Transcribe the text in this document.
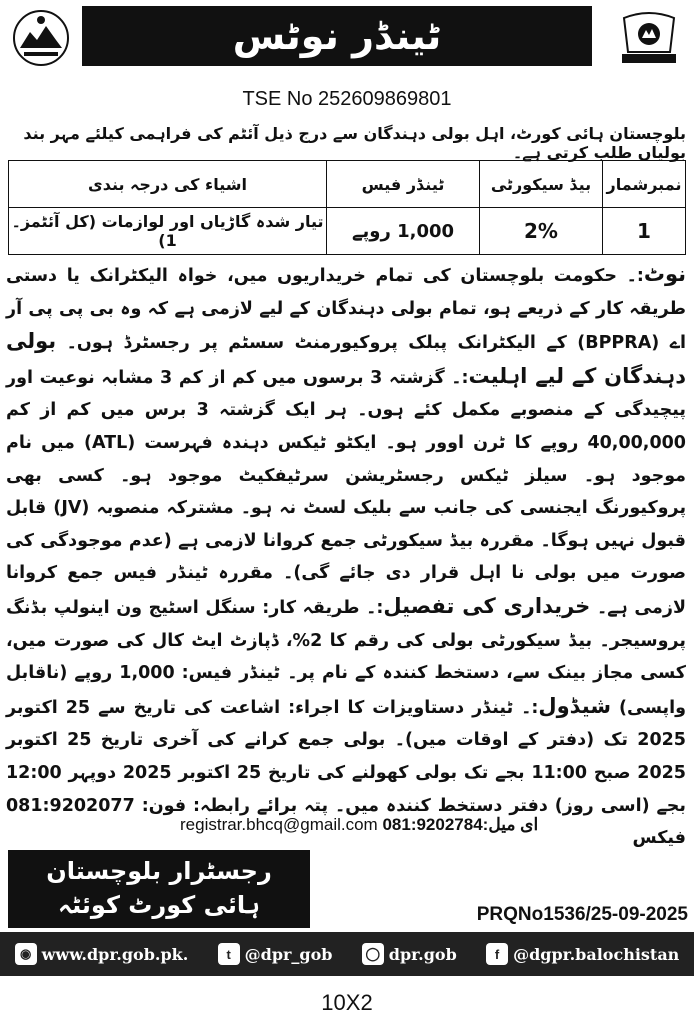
ٹینڈر نوٹس
TSE No 252609869801
بلوچستان ہائی کورٹ، اہل بولی دہندگان سے درج ذیل آئٹم کی فراہمی کیلئے مہر بند بولیاں طلب کرتی ہے۔
نمبرشمار	بیڈ سیکورٹی	ٹینڈر فیس	اشیاء کی درجہ بندی
1	2%	1,000 روپے	تیار شدہ گاڑیاں اور لوازمات (کل آئٹمز۔1)

نوٹ:۔ حکومت بلوچستان کی تمام خریداریوں میں، خواہ الیکٹرانک یا دستی طریقہ کار کے ذریعے ہو، تمام بولی دہندگان کے لیے لازمی ہے کہ وہ بی پی پی آر اے (BPPRA) کے الیکٹرانک پبلک پروکیورمنٹ سسٹم پر رجسٹرڈ ہوں۔ بولی دہندگان کے لیے اہلیت:۔ گزشتہ 3 برسوں میں کم از کم 3 مشابہ نوعیت اور پیچیدگی کے منصوبے مکمل کئے ہوں۔ ہر ایک گزشتہ 3 برس میں کم از کم 40,00,000 روپے کا ٹرن اوور ہو۔ ایکٹو ٹیکس دہندہ فہرست (ATL) میں نام موجود ہو۔ سیلز ٹیکس رجسٹریشن سرٹیفکیٹ موجود ہو۔ کسی بھی پروکیورنگ ایجنسی کی جانب سے بلیک لسٹ نہ ہو۔ مشترکہ منصوبہ (JV) قابل قبول نہیں ہوگا۔ مقررہ بیڈ سیکورٹی جمع کروانا لازمی ہے (عدم موجودگی کی صورت میں بولی نا اہل قرار دی جائے گی)۔ مقررہ ٹینڈر فیس جمع کروانا لازمی ہے۔ خریداری کی تفصیل:۔ طریقہ کار: سنگل اسٹیج ون اینولپ بڈنگ پروسیجر۔ بیڈ سیکورٹی بولی کی رقم کا 2%، ڈپازٹ ایٹ کال کی صورت میں، کسی مجاز بینک سے، دستخط کنندہ کے نام پر۔ ٹینڈر فیس: 1,000 روپے (ناقابل واپسی) شیڈول:۔ ٹینڈر دستاویزات کا اجراء: اشاعت کی تاریخ سے 25 اکتوبر 2025 تک (دفتر کے اوقات میں)۔ بولی جمع کرانے کی آخری تاریخ 25 اکتوبر 2025 صبح 11:00 بجے تک بولی کھولنے کی تاریخ 25 اکتوبر 2025 دوپہر 12:00 بجے (اسی روز) دفتر دستخط کنندہ میں۔ پتہ برائے رابطہ: فون: 081:9202077 فیکس

registrar.bhcq@gmail.com	ای میل:081:9202784
رجسٹرار بلوچستان
ہائی کورٹ کوئٹہ	PRQNo1536/25-09-2025
◉ www.dpr.gob.pk.	t @dpr_gob	◯ dpr.gob	f @dgpr.balochistan
10X2
